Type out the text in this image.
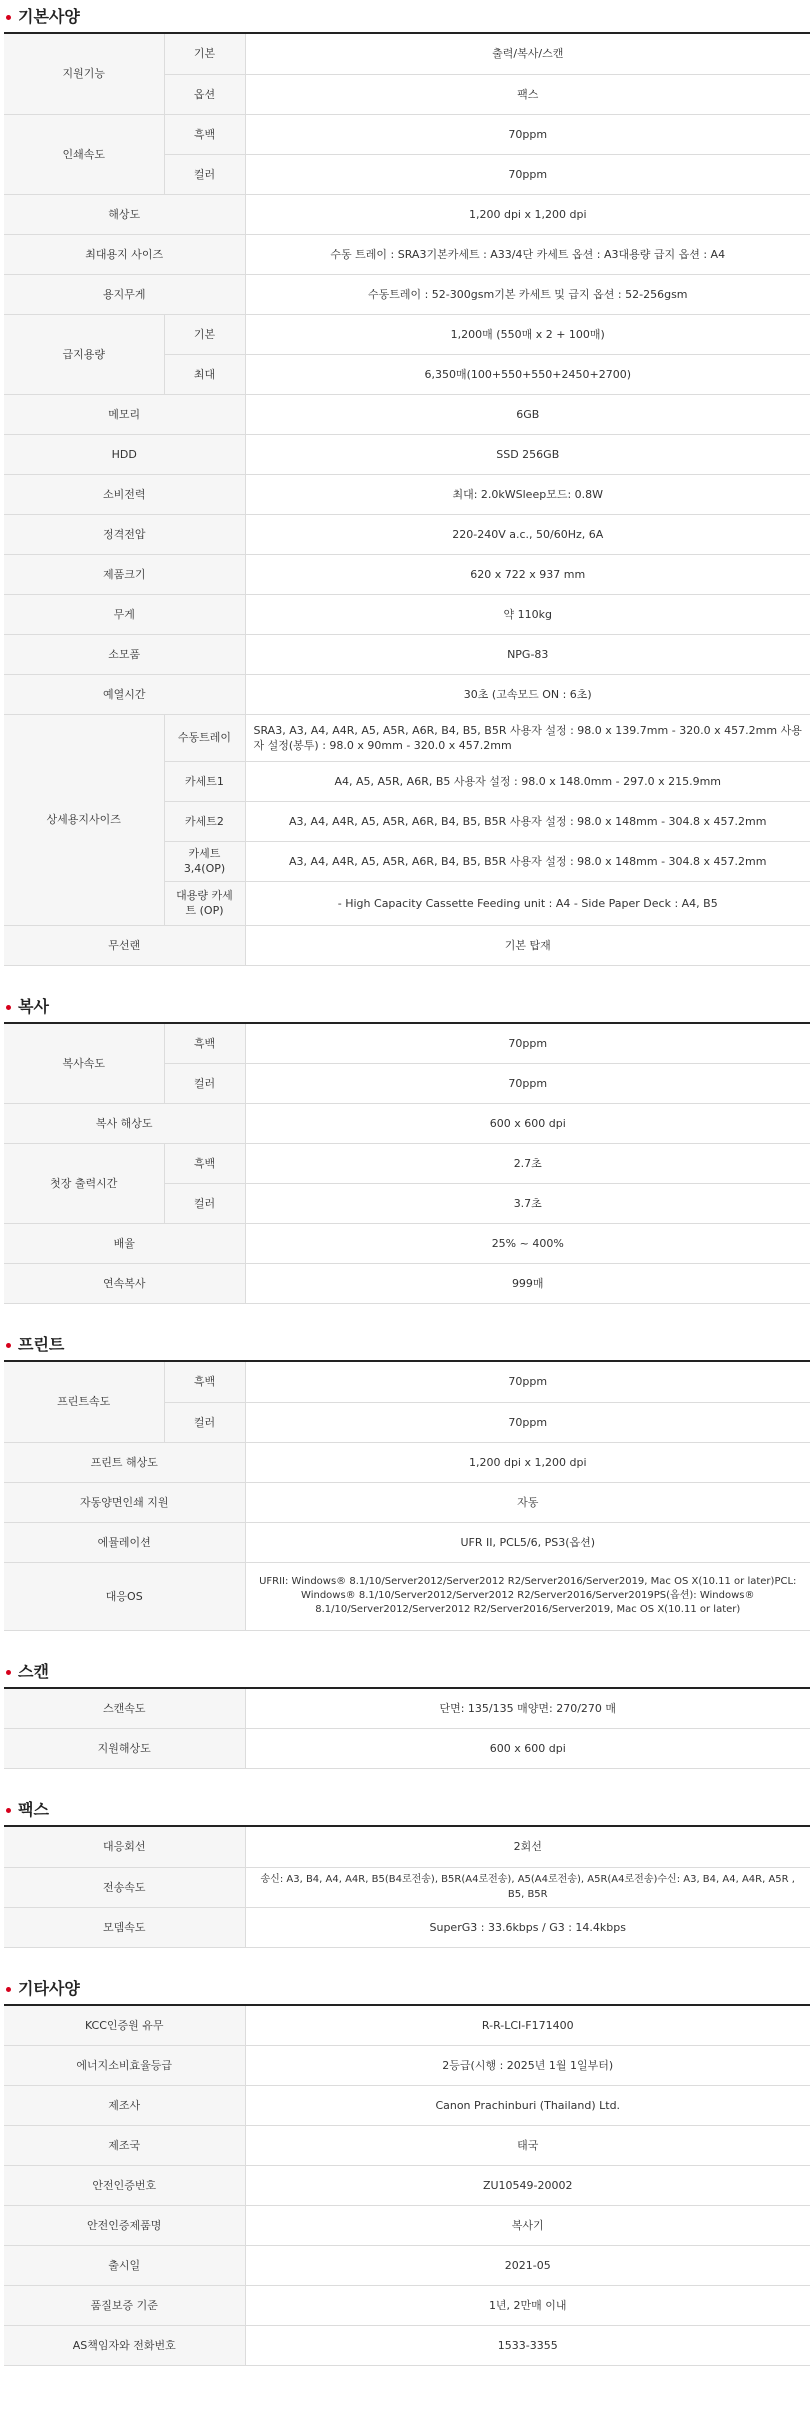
기본사양
지원기능	기본	출력/복사/스캔
	옵션	팩스
인쇄속도	흑백	70ppm
	컬러	70ppm
해상도		1,200 dpi x 1,200 dpi
최대용지 사이즈		수동 트레이 : SRA3기본카세트 : A33/4단 카세트 옵션 : A3대용량 급지 옵션 : A4
용지무게		수동트레이 : 52-300gsm기본 카세트 및 급지 옵션 : 52-256gsm
급지용량	기본	1,200매 (550매 x 2 + 100매)
	최대	6,350매(100+550+550+2450+2700)
메모리		6GB
HDD		SSD 256GB
소비전력		최대: 2.0kWSleep모드: 0.8W
정격전압		220-240V a.c., 50/60Hz, 6A
제품크기		620 x 722 x 937 mm
무게		약 110kg
소모품		NPG-83
예열시간		30초 (고속모드 ON : 6초)
상세용지사이즈	수동트레이	SRA3, A3, A4, A4R, A5, A5R, A6R, B4, B5, B5R 사용자 설정 : 98.0 x 139.7mm - 320.0 x 457.2mm 사용자 설정(봉투) : 98.0 x 90mm - 320.0 x 457.2mm
	카세트1	A4, A5, A5R, A6R, B5 사용자 설정 : 98.0 x 148.0mm - 297.0 x 215.9mm
	카세트2	A3, A4, A4R, A5, A5R, A6R, B4, B5, B5R 사용자 설정 : 98.0 x 148mm - 304.8 x 457.2mm
	카세트3,4(OP)	A3, A4, A4R, A5, A5R, A6R, B4, B5, B5R 사용자 설정 : 98.0 x 148mm - 304.8 x 457.2mm
	대용량 카세트 (OP)	- High Capacity Cassette Feeding unit : A4 - Side Paper Deck : A4, B5
무선랜		기본 탑재
복사
복사속도	흑백	70ppm
	컬러	70ppm
복사 해상도		600 x 600 dpi
첫장 출력시간	흑백	2.7초
	컬러	3.7초
배율		25% ~ 400%
연속복사		999매
프린트
프린트속도	흑백	70ppm
	컬러	70ppm
프린트 해상도		1,200 dpi x 1,200 dpi
자동양면인쇄 지원		자동
에뮬레이션		UFR II, PCL5/6, PS3(옵션)
대응OS		UFRII: Windows® 8.1/10/Server2012/Server2012 R2/Server2016/Server2019, Mac OS X(10.11 or later)PCL: Windows® 8.1/10/Server2012/Server2012 R2/Server2016/Server2019PS(옵션): Windows® 8.1/10/Server2012/Server2012 R2/Server2016/Server2019, Mac OS X(10.11 or later)
스캔
스캔속도	단면: 135/135 매양면: 270/270 매
지원해상도	600 x 600 dpi
팩스
대응회선	2회선
전송속도	송신: A3, B4, A4, A4R, B5(B4로전송), B5R(A4로전송), A5(A4로전송), A5R(A4로전송)수신: A3, B4, A4, A4R, A5R , B5, B5R
모뎀속도	SuperG3 : 33.6kbps / G3 : 14.4kbps
기타사양
KCC인증원 유무	R-R-LCI-F171400
에너지소비효율등급	2등급(시행 : 2025년 1월 1일부터)
제조사	Canon Prachinburi (Thailand) Ltd.
제조국	태국
안전인증번호	ZU10549-20002
안전인증제품명	복사기
출시일	2021-05
품질보증 기준	1년, 2만매 이내
AS책임자와 전화번호	1533-3355
